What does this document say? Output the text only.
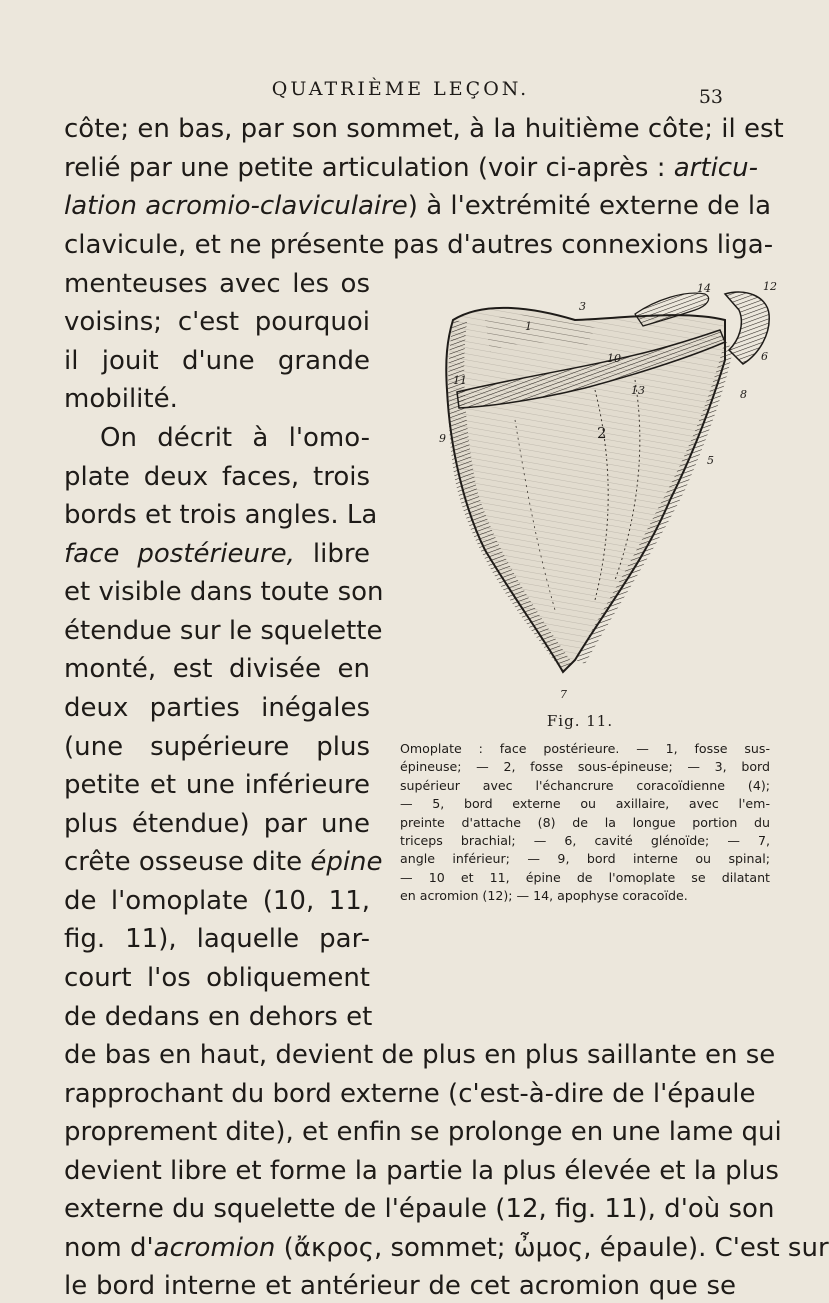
QUATRIÈME LEÇON.	53
côte; en bas, par son sommet, à la huitième côte; il est
relié par une petite articulation (voir ci-après : articu-
lation acromio-claviculaire) à l'extrémité externe de la
clavicule, et ne présente pas d'autres connexions liga-
menteuses avec les os
voisins; c'est pourquoi
il jouit d'une grande
mobilité.
On décrit à l'omo-
plate deux faces, trois
bords et trois angles. La
face postérieure, libre
et visible dans toute son
étendue sur le squelette
monté, est divisée en
deux parties inégales
(une supérieure plus
petite et une inférieure
plus étendue) par une
crête osseuse dite épine
de l'omoplate (10, 11,
fig. 11), laquelle par-
court l'os obliquement
de dedans en dehors et
de bas en haut, devient de plus en plus saillante en se
rapprochant du bord externe (c'est-à-dire de l'épaule
proprement dite), et enfin se prolonge en une lame qui
devient libre et forme la partie la plus élevée et la plus
externe du squelette de l'épaule (12, fig. 11), d'où son
nom d'acromion (ἄκρος, sommet; ὦμος, épaule). C'est sur
le bord interne et antérieur de cet acromion que se
12
14
3
1
10
11
13
6
8
2
9
5
7
Fig. 11.
Omoplate : face postérieure. — 1, fosse sus-
épineuse; — 2, fosse sous-épineuse; — 3, bord
supérieur avec l'échancrure coracoïdienne (4);
— 5, bord externe ou axillaire, avec l'em-
preinte d'attache (8) de la longue portion du
triceps brachial; — 6, cavité glénoïde; — 7,
angle inférieur; — 9, bord interne ou spinal;
— 10 et 11, épine de l'omoplate se dilatant
en acromion (12); — 14, apophyse coracoïde.
